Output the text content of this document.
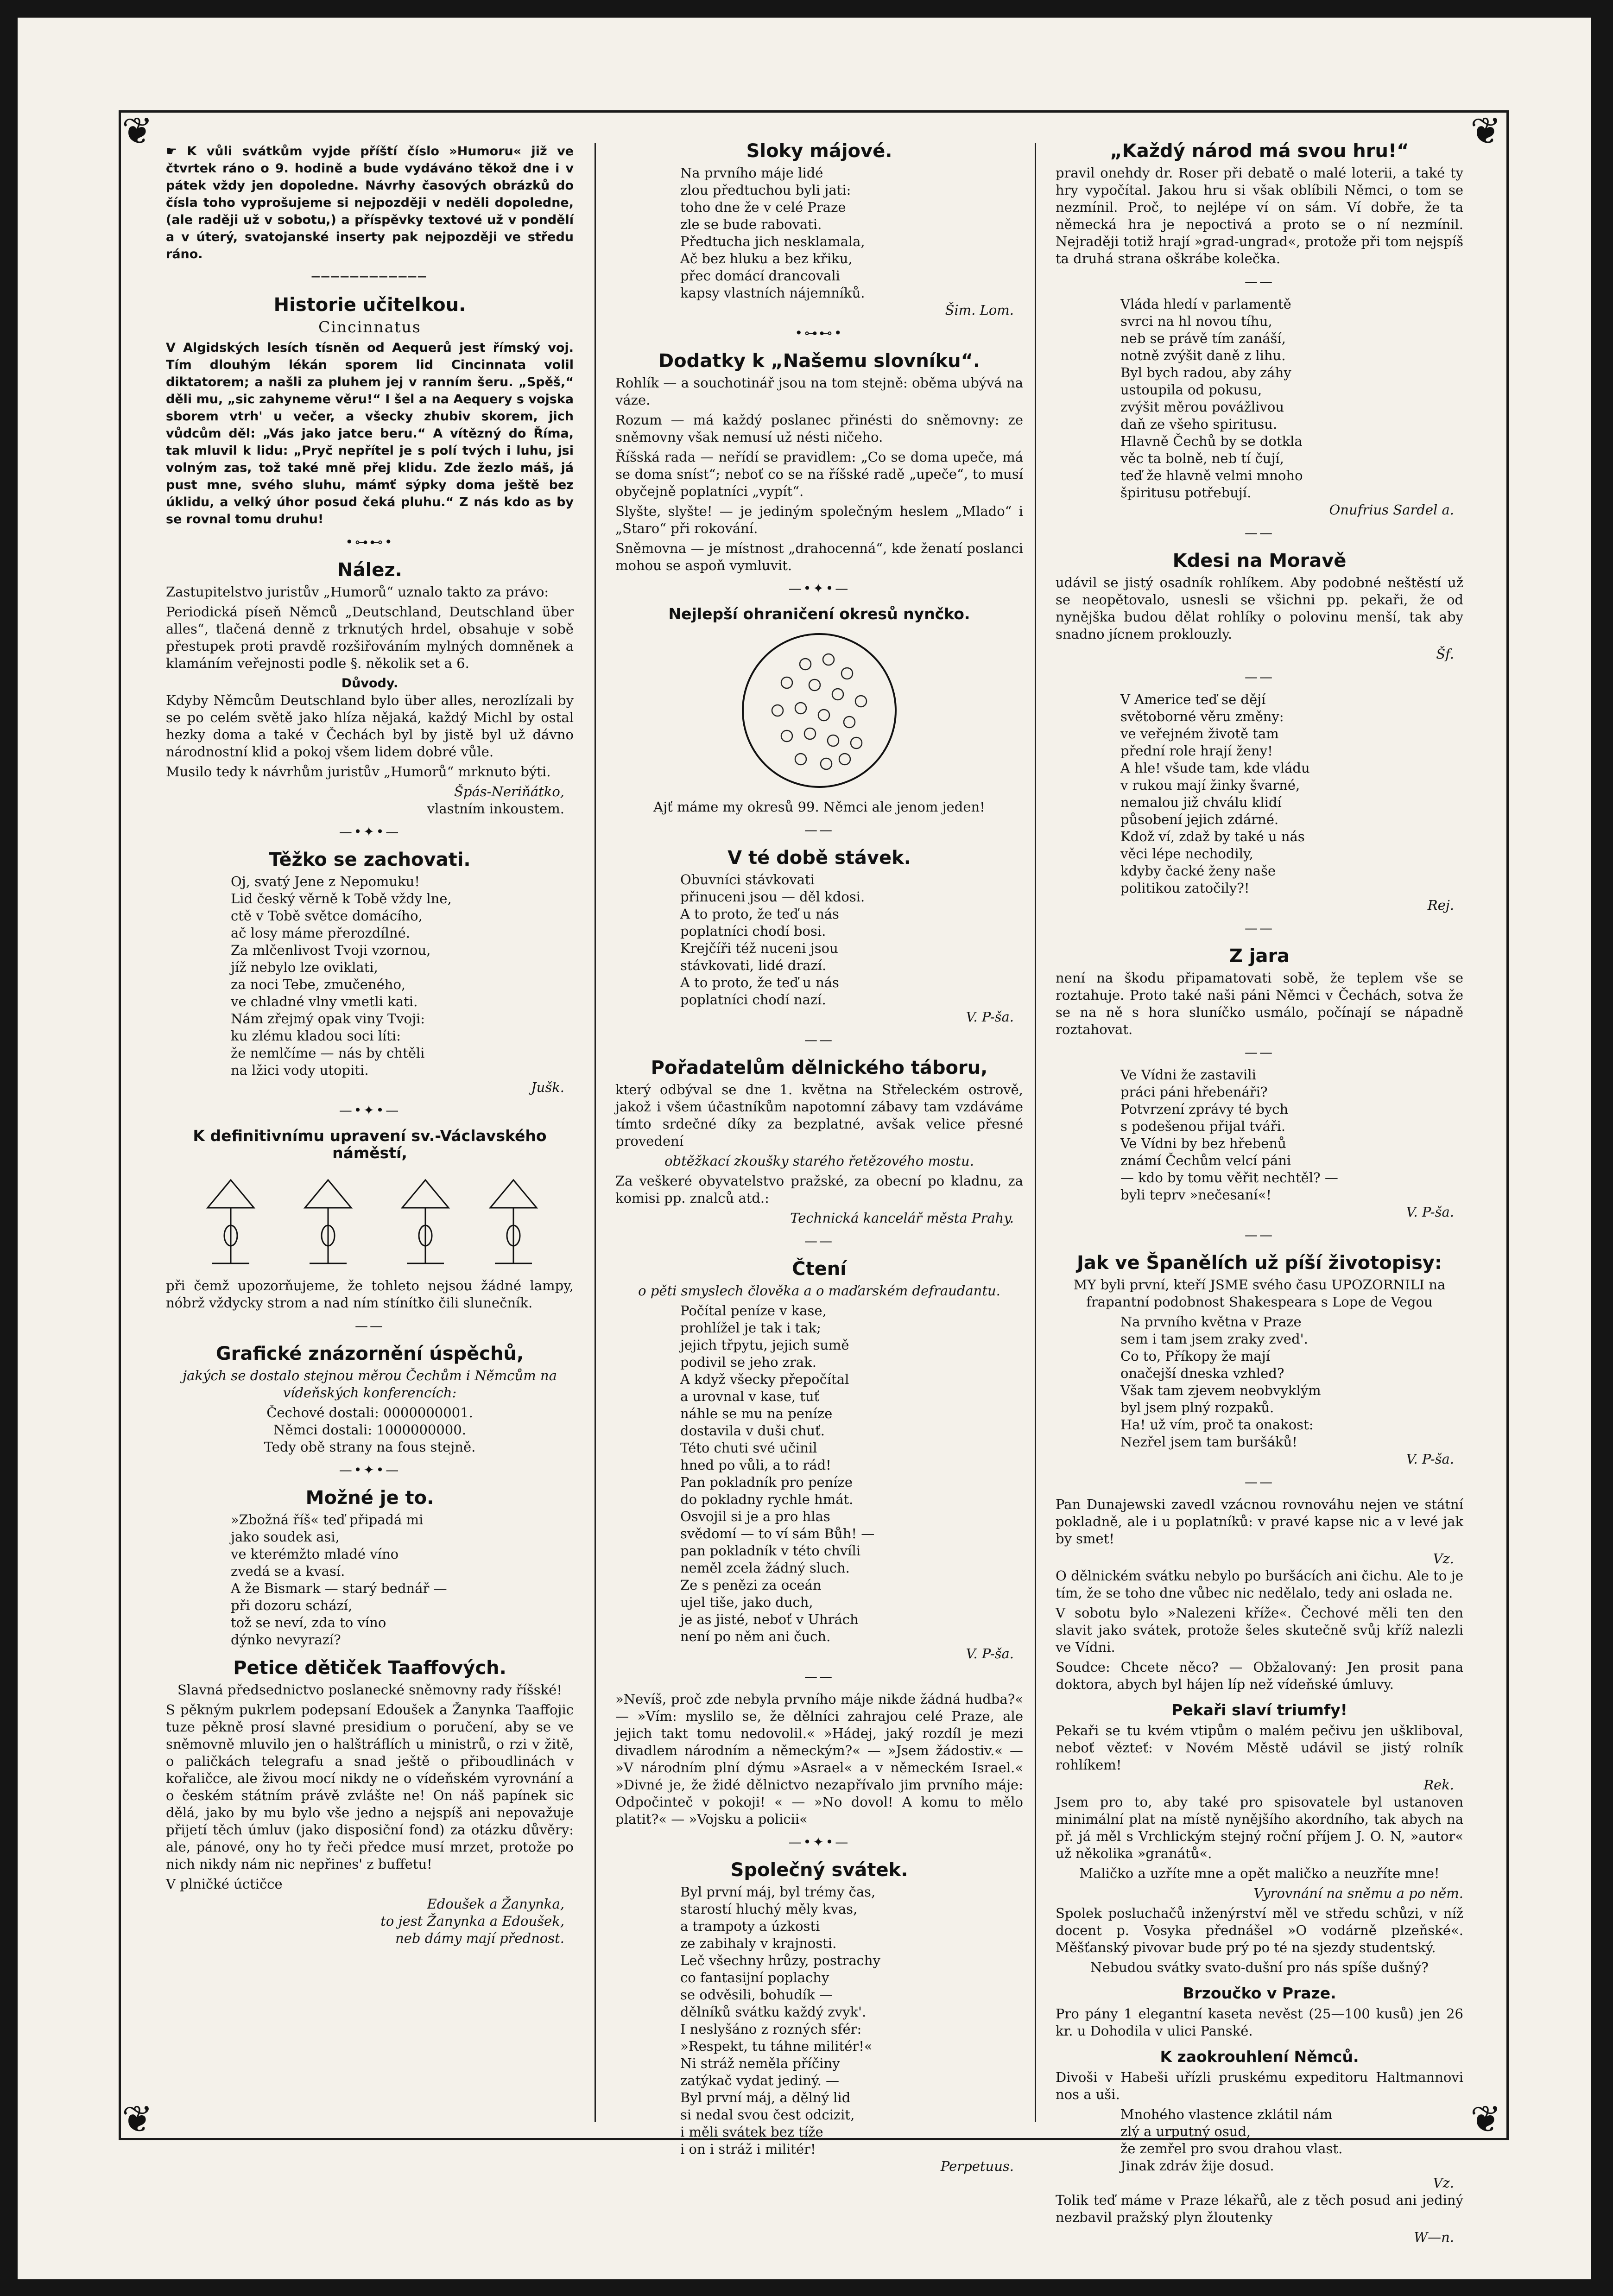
❦	❦
❦	❦

☛ K vůli svátkům vyjde příští číslo »Humoru« již ve čtvrtek ráno o 9. hodině a bude vydáváno těkož dne i v pátek vždy jen dopoledne. Návrhy časových obrázků do čísla toho vyprošujeme si nejpozději v neděli dopoledne, (ale raději už v sobotu,) a příspěvky textové už v pondělí a v úterý, svatojanské inserty pak nejpozději ve středu ráno.

────────────
Historie učitelkou.
Cincinnatus

V Algidských lesích tísněn od Aequerů jest římský voj. Tím dlouhým lékán sporem lid Cincinnata volil diktatorem; a našli za pluhem jej v ranním šeru. „Spěš,“ děli mu, „sic zahyneme věru!“ I šel a na Aequery s vojska sborem vtrh' u večer, a všecky zhubiv skorem, jich vůdcům děl: „Vás jako jatce beru.“ A vítězný do Říma, tak mluvil k lidu: „Pryč nepřítel je s polí tvých i luhu, jsi volným zas, tož také mně přej klidu. Zde žezlo máš, já pust mne, svého sluhu, mámť sýpky doma ještě bez úklidu, a velký úhor posud čeká pluhu.“ Z nás kdo as by se rovnal tomu druhu!

•⊶⊷•
Nález.

Zastupitelstvo juristův „Humorů“ uznalo takto za právo:

Periodická píseň Němců „Deutschland, Deutschland über alles“, tlačená denně z trknutých hrdel, obsahuje v sobě přestupek proti pravdě rozšiřováním mylných domněnek a klamáním veřejnosti podle §. několik set a 6.

Důvody.

Kdyby Němcům Deutschland bylo über alles, nerozlízali by se po celém světě jako hlíza nějaká, každý Michl by ostal hezky doma a také v Čechách byl by jistě byl už dávno národnostní klid a pokoj všem lidem dobré vůle.

Musilo tedy k návrhům juristův „Humorů“ mrknuto býti.

Špás-Neriňátko,
vlastním inkoustem.
—•✦•—
Těžko se zachovati.

Oj, svatý Jene z Nepomuku!

Lid český věrně k Tobě vždy lne,

ctě v Tobě světce domácího,

ač losy máme přerozdílné.

Za mlčenlivost Tvoji vzornou,

jíž nebylo lze oviklati,

za noci Tebe, zmučeného,

ve chladné vlny vmetli kati.

Nám zřejmý opak viny Tvoji:

ku zlému kladou soci líti:

že nemlčíme — nás by chtěli

na lžici vody utopiti.

Jušk.
—•✦•—
K definitivnímu upravení sv.-Václavského náměstí,

při čemž upozorňujeme, že tohleto nejsou žádné lampy, nóbrž vždycky strom a nad ním stínítko čili slunečník.

——
Grafické znázornění úspěchů,

jakých se dostalo stejnou měrou Čechům i Němcům na vídeňských konferencích:

Čechové dostali: 0000000001.
Němci dostali: 1000000000.
Tedy obě strany na fous stejně.
—•✦•—
Možné je to.

»Zbožná říš« teď připadá mi

jako soudek asi,

ve kterémžto mladé víno

zvedá se a kvasí.

A že Bismark — starý bednář —

při dozoru schází,

tož se neví, zda to víno

dýnko nevyrazí?

Petice dětiček Taaffových.

Slavná předsednictvo poslanecké sněmovny rady říšské!

S pěkným pukrlem podepsaní Edoušek a Žanynka Taaffojic tuze pěkně prosí slavné presidium o poručení, aby se ve sněmovně mluvilo jen o halštráflích u ministrů, o rzi v žitě, o paličkách telegrafu a snad ještě o přiboudlinách v kořaličce, ale živou mocí nikdy ne o vídeňském vyrovnání a o českém státním právě zvlášte ne! On náš papínek sic dělá, jako by mu bylo vše jedno a nejspíš ani nepovažuje přijetí těch úmluv (jako disposiční fond) za otázku důvěry: ale, pánové, ony ho ty řeči předce musí mrzet, protože po nich nikdy nám nic nepřines' z buffetu!

V plničké úctičce

Edoušek a Žanynka,
to jest Žanynka a Edoušek,
neb dámy mají přednost.
Sloky májové.

Na prvního máje lidé

zlou předtuchou byli jati:

toho dne že v celé Praze

zle se bude rabovati.

Předtucha jich nesklamala,

Ač bez hluku a bez křiku,

přec domácí drancovali

kapsy vlastních nájemníků.

Šim. Lom.
•⊶⊷•
Dodatky k „Našemu slovníku“.

Rohlík — a souchotinář jsou na tom stejně: oběma ubývá na váze.

Rozum — má každý poslanec přinésti do sněmovny: ze sněmovny však nemusí už nésti ničeho.

Říšská rada — neřídí se pravidlem: „Co se doma upeče, má se doma sníst“; neboť co se na říšské radě „upeče“, to musí obyčejně poplatníci „vypít“.

Slyšte, slyšte! — je jediným společným heslem „Mlado“ i „Staro“ při rokování.

Sněmovna — je místnost „drahocenná“, kde ženatí poslanci mohou se aspoň vymluvit.

—•✦•—
Nejlepší ohraničení okresů nynčko.

Ajť máme my okresů 99. Němci ale jenom jeden!

——
V té době stávek.

Obuvníci stávkovati

přinuceni jsou — děl kdosi.

A to proto, že teď u nás

poplatníci chodí bosi.

Krejčíři též nuceni jsou

stávkovati, lidé drazí.

A to proto, že teď u nás

poplatníci chodí nazí.

V. P-ša.
——
Pořadatelům dělnického táboru,

který odbýval se dne 1. května na Střeleckém ostrově, jakož i všem účastníkům napotomní zábavy tam vzdáváme tímto srdečné díky za bezplatné, avšak velice přesné provedení

obtěžkací zkoušky starého řetězového mostu.

Za veškeré obyvatelstvo pražské, za obecní po kladnu, za komisi pp. znalců atd.:

Technická kancelář města Prahy.
——
Čtení

o pěti smyslech člověka a o maďarském defraudantu.

Počítal peníze v kase,

prohlížel je tak i tak;

jejich třpytu, jejich sumě

podivil se jeho zrak.

A když všecky přepočítal

a urovnal v kase, tuť

náhle se mu na peníze

dostavila v duši chuť.

Této chuti své učinil

hned po vůli, a to rád!

Pan pokladník pro peníze

do pokladny rychle hmát.

Osvojil si je a pro hlas

svědomí — to ví sám Bůh! —

pan pokladník v této chvíli

neměl zcela žádný sluch.

Ze s penězi za oceán

ujel tiše, jako duch,

je as jisté, neboť v Uhrách

není po něm ani čuch.

V. P-ša.
——

»Nevíš, proč zde nebyla prvního máje nikde žádná hudba?« — »Vím: myslilo se, že dělníci zahrajou celé Praze, ale jejich takt tomu nedovolil.« »Hádej, jaký rozdíl je mezi divadlem národním a německým?« — »Jsem žádostiv.« — »V národním plní dýmu »Asrael« a v německém Israel.« »Divné je, že židé dělnictvo nezapřívalo jim prvního máje: Odpočinteč v pokoji! « — »No dovol! A komu to mělo platit?« — »Vojsku a policii«

—•✦•—
Společný svátek.

Byl první máj, byl trémy čas,

starostí hluchý měly kvas,

a trampoty a úzkosti

ze zabihaly v krajnosti.

Leč všechny hrůzy, postrachy

co fantasijní poplachy

se odvěsili, bohudík —

dělníků svátku každý zvyk'.

I neslyšáno z rozných sfér:

»Respekt, tu táhne militér!«

Ni stráž neměla příčiny

zatýkač vydat jediný. —

Byl první máj, a dělný lid

si nedal svou čest odcizit,

i měli svátek bez tíže

i on i stráž i militér!

Perpetuus.
„Každý národ má svou hru!“

pravil onehdy dr. Roser při debatě o malé loterii, a také ty hry vypočítal. Jakou hru si však oblíbili Němci, o tom se nezmínil. Proč, to nejlépe ví on sám. Ví dobře, že ta německá hra je nepoctivá a proto se o ní nezmínil. Nejraději totiž hrají »grad-ungrad«, protože při tom nejspíš ta druhá strana oškrábe kolečka.

——

Vláda hledí v parlamentě

svrci na hl novou tíhu,

neb se právě tím zanáší,

notně zvýšit daně z lihu.

Byl bych radou, aby záhy

ustoupila od pokusu,

zvýšit měrou povážlivou

daň ze všeho spiritusu.

Hlavně Čechů by se dotkla

věc ta bolně, neb tí čují,

teď že hlavně velmi mnoho

špiritusu potřebují.

Onufrius Sardel a.
——
Kdesi na Moravě

udávil se jistý osadník rohlíkem. Aby podobné neštěstí už se neopětovalo, usnesli se všichni pp. pekaři, že od nynějška budou dělat rohlíky o polovinu menší, tak aby snadno jícnem proklouzly.

Šf.
——

V Americe teď se dějí

světoborné věru změny:

ve veřejném životě tam

přední role hrají ženy!

A hle! všude tam, kde vládu

v rukou mají žinky švarné,

nemalou již chválu klidí

působení jejich zdárné.

Kdož ví, zdaž by také u nás

věci lépe nechodily,

kdyby čacké ženy naše

politikou zatočily?!

Rej.
——
Z jara

není na škodu připamatovati sobě, že teplem vše se roztahuje. Proto také naši páni Němci v Čechách, sotva že se na ně s hora sluníčko usmálo, počínají se nápadně roztahovat.

——

Ve Vídni že zastavili

práci páni hřebenáři?

Potvrzení zprávy té bych

s podešenou přijal tváři.

Ve Vídni by bez hřebenů

známí Čechům velcí páni

— kdo by tomu věřit nechtěl? —

byli teprv »nečesaní«!

V. P-ša.
——
Jak ve Španělích už píší životopisy:

MY byli první, kteří JSME svého času UPOZORNILI na frapantní podobnost Shakespeara s Lope de Vegou

Na prvního května v Praze

sem i tam jsem zraky zved'.

Co to, Příkopy že mají

onačejší dneska vzhled?

Však tam zjevem neobvyklým

byl jsem plný rozpaků.

Ha! už vím, proč ta onakost:

Nezřel jsem tam buršáků!

V. P-ša.
——

Pan Dunajewski zavedl vzácnou rovnováhu nejen ve státní pokladně, ale i u poplatníků: v pravé kapse nic a v levé jak by smet!

Vz.

O dělnickém svátku nebylo po buršácích ani čichu. Ale to je tím, že se toho dne vůbec nic nedělalo, tedy ani oslada ne.

V sobotu bylo »Nalezeni kříže«. Čechové měli ten den slavit jako svátek, protože šeles skutečně svůj kříž nalezli ve Vídni.

Soudce: Chcete něco? — Obžalovaný: Jen prosit pana doktora, abych byl hájen líp než vídeňské úmluvy.

Pekaři slaví triumfy!

Pekaři se tu kvém vtipům o malém pečivu jen uškliboval, neboť vězteť: v Novém Městě udávil se jistý rolník rohlíkem!

Rek.

Jsem pro to, aby také pro spisovatele byl ustanoven minimální plat na místě nynějšího akordního, tak abych na př. já měl s Vrchlickým stejný roční příjem J. O. N, »autor« už několika »granátů«.

Maličko a uzříte mne a opět maličko a neuzříte mne!

Vyrovnání na sněmu a po něm.

Spolek posluchačů inženýrství měl ve středu schůzi, v níž docent p. Vosyka přednášel »O vodárně plzeňské«. Měšťanský pivovar bude prý po té na sjezdy studentský.

Nebudou svátky svato-dušní pro nás spíše dušný?

Brzoučko v Praze.

Pro pány 1 elegantní kaseta nevěst (25—100 kusů) jen 26 kr. u Dohodila v ulici Panské.

K zaokrouhlení Němců.

Divoši v Habeši uřízli pruskému expeditoru Haltmannovi nos a uši.

Mnohého vlastence zklátil nám

zlý a urputný osud,

že zemřel pro svou drahou vlast.

Jinak zdráv žije dosud.

Vz.

Tolik teď máme v Praze lékařů, ale z těch posud ani jediný nezbavil pražský plyn žloutenky

W—n.
